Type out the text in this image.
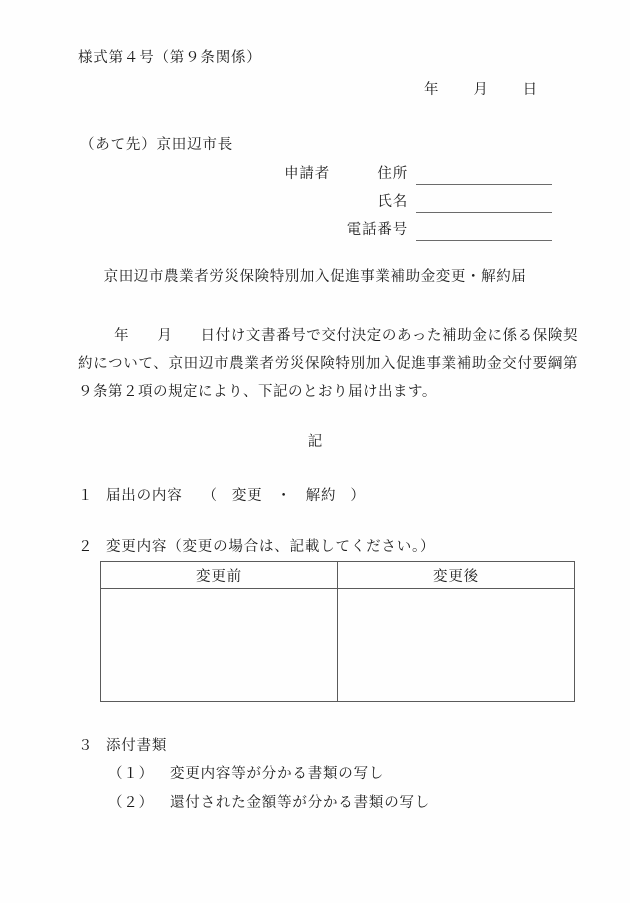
様式第４号（第９条関係）
年 月 日
（あて先）京田辺市長
申請者	住所
氏名
電話番号
京田辺市農業者労災保険特別加入促進事業補助金変更・解約届
年 月 日付け文書番号で交付決定のあった補助金に係る保険契約について、京田辺市農業者労災保険特別加入促進事業補助金交付要綱第９条第２項の規定により、下記のとおり届け出ます。
記
１ 届出の内容 （ 変更 ・ 解約 ）
２ 変更内容（変更の場合は、記載してください。）
変更前	変更後

３ 添付書類
（１） 変更内容等が分かる書類の写し
（２） 還付された金額等が分かる書類の写し
